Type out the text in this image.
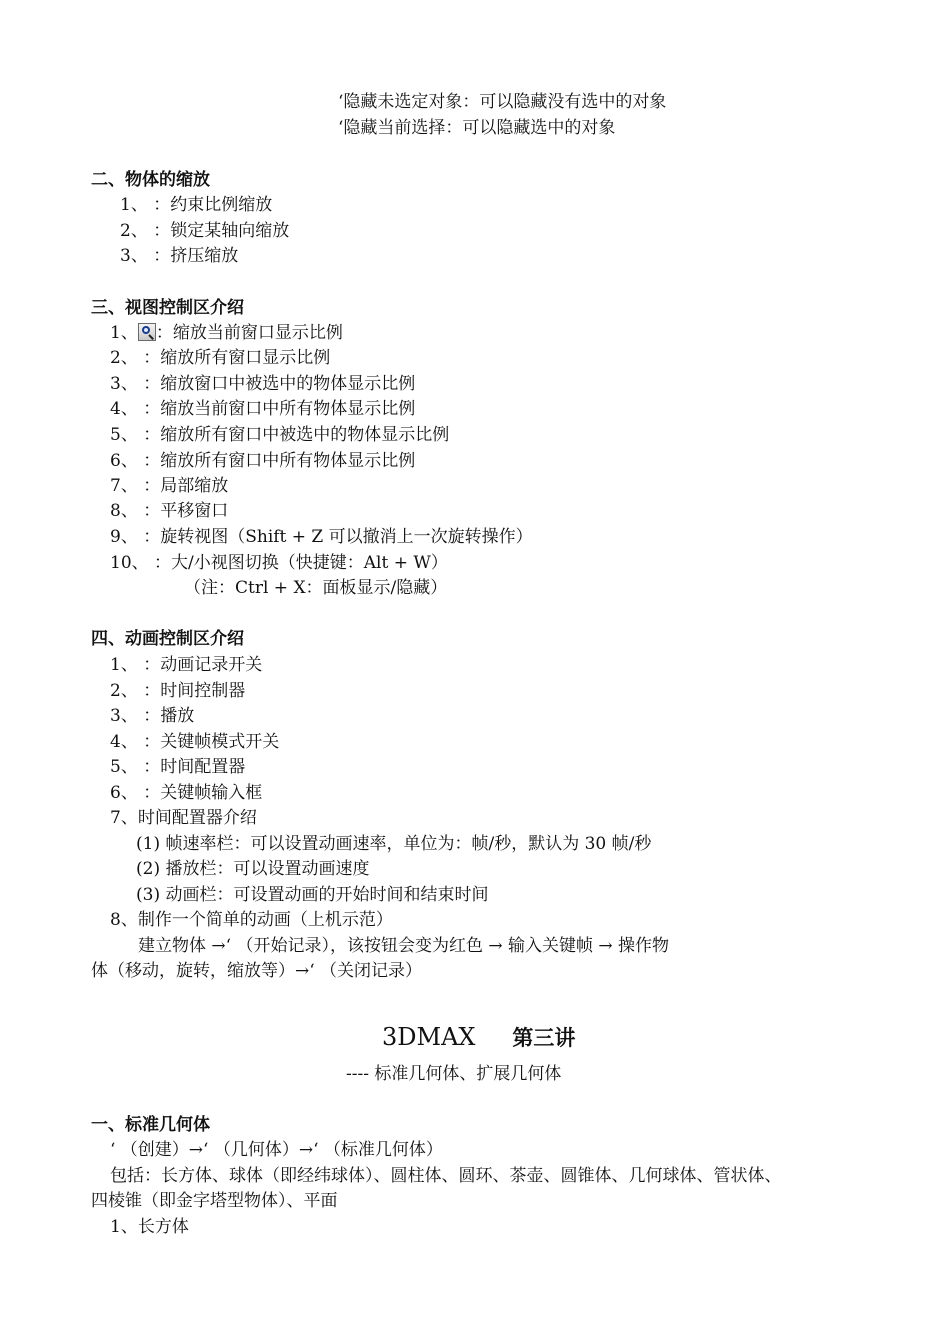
‘隐藏未选定对象：可以隐藏没有选中的对象
‘隐藏当前选择：可以隐藏选中的对象
二、物体的缩放
1、 ：约束比例缩放
2、 ：锁定某轴向缩放
3、 ：挤压缩放
三、视图控制区介绍
1、 ：缩放当前窗口显示比例
2、 ：缩放所有窗口显示比例
3、 ：缩放窗口中被选中的物体显示比例
4、 ：缩放当前窗口中所有物体显示比例
5、 ：缩放所有窗口中被选中的物体显示比例
6、 ：缩放所有窗口中所有物体显示比例
7、 ：局部缩放
8、 ：平移窗口
9、 ：旋转视图（Shift + Z 可以撤消上一次旋转操作）
10、 ：大/小视图切换（快捷键：Alt + W）
（注：Ctrl + X：面板显示/隐藏）
四、动画控制区介绍
1、 ：动画记录开关
2、 ：时间控制器
3、 ：播放
4、 ：关键帧模式开关
5、 ：时间配置器
6、 ：关键帧输入框
7、时间配置器介绍
(1) 帧速率栏：可以设置动画速率，单位为：帧/秒，默认为 30 帧/秒
(2) 播放栏：可以设置动画速度
(3) 动画栏：可设置动画的开始时间和结束时间
8、制作一个简单的动画（上机示范）
建立物体 →‘ （开始记录），该按钮会变为红色 → 输入关键帧 → 操作物
体（移动，旋转，缩放等）→‘ （关闭记录）
3DMAX 第三讲
---- 标准几何体、扩展几何体
一、标准几何体
‘ （创建）→‘ （几何体）→‘ （标准几何体）
包括：长方体、球体（即经纬球体）、圆柱体、圆环、茶壶、圆锥体、几何球体、管状体、
四棱锥（即金字塔型物体）、平面
1、长方体
